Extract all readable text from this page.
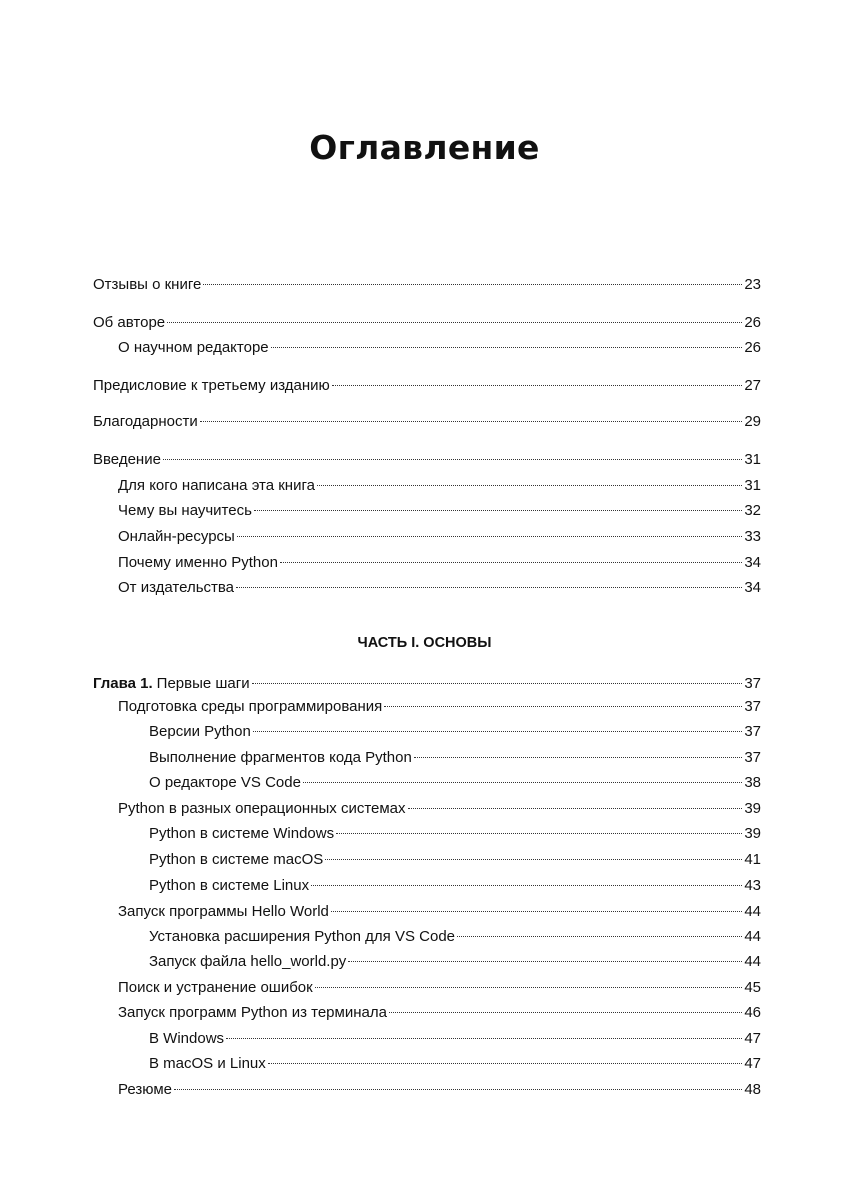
Оглавление
ЧАСТЬ I. ОСНОВЫ
Отзывы о книге	23
Об авторе	26
О научном редакторе	26
Предисловие к третьему изданию	27
Благодарности	29
Введение	31
Для кого написана эта книга	31
Чему вы научитесь	32
Онлайн-ресурсы	33
Почему именно Python	34
От издательства	34
Глава 1. Первые шаги	37
Подготовка среды программирования	37
Версии Python	37
Выполнение фрагментов кода Python	37
О редакторе VS Code	38
Python в разных операционных системах	39
Python в системе Windows	39
Python в системе macOS	41
Python в системе Linux	43
Запуск программы Hello World	44
Установка расширения Python для VS Code	44
Запуск файла hello_world.py	44
Поиск и устранение ошибок	45
Запуск программ Python из терминала	46
В Windows	47
В macOS и Linux	47
Резюме	48
